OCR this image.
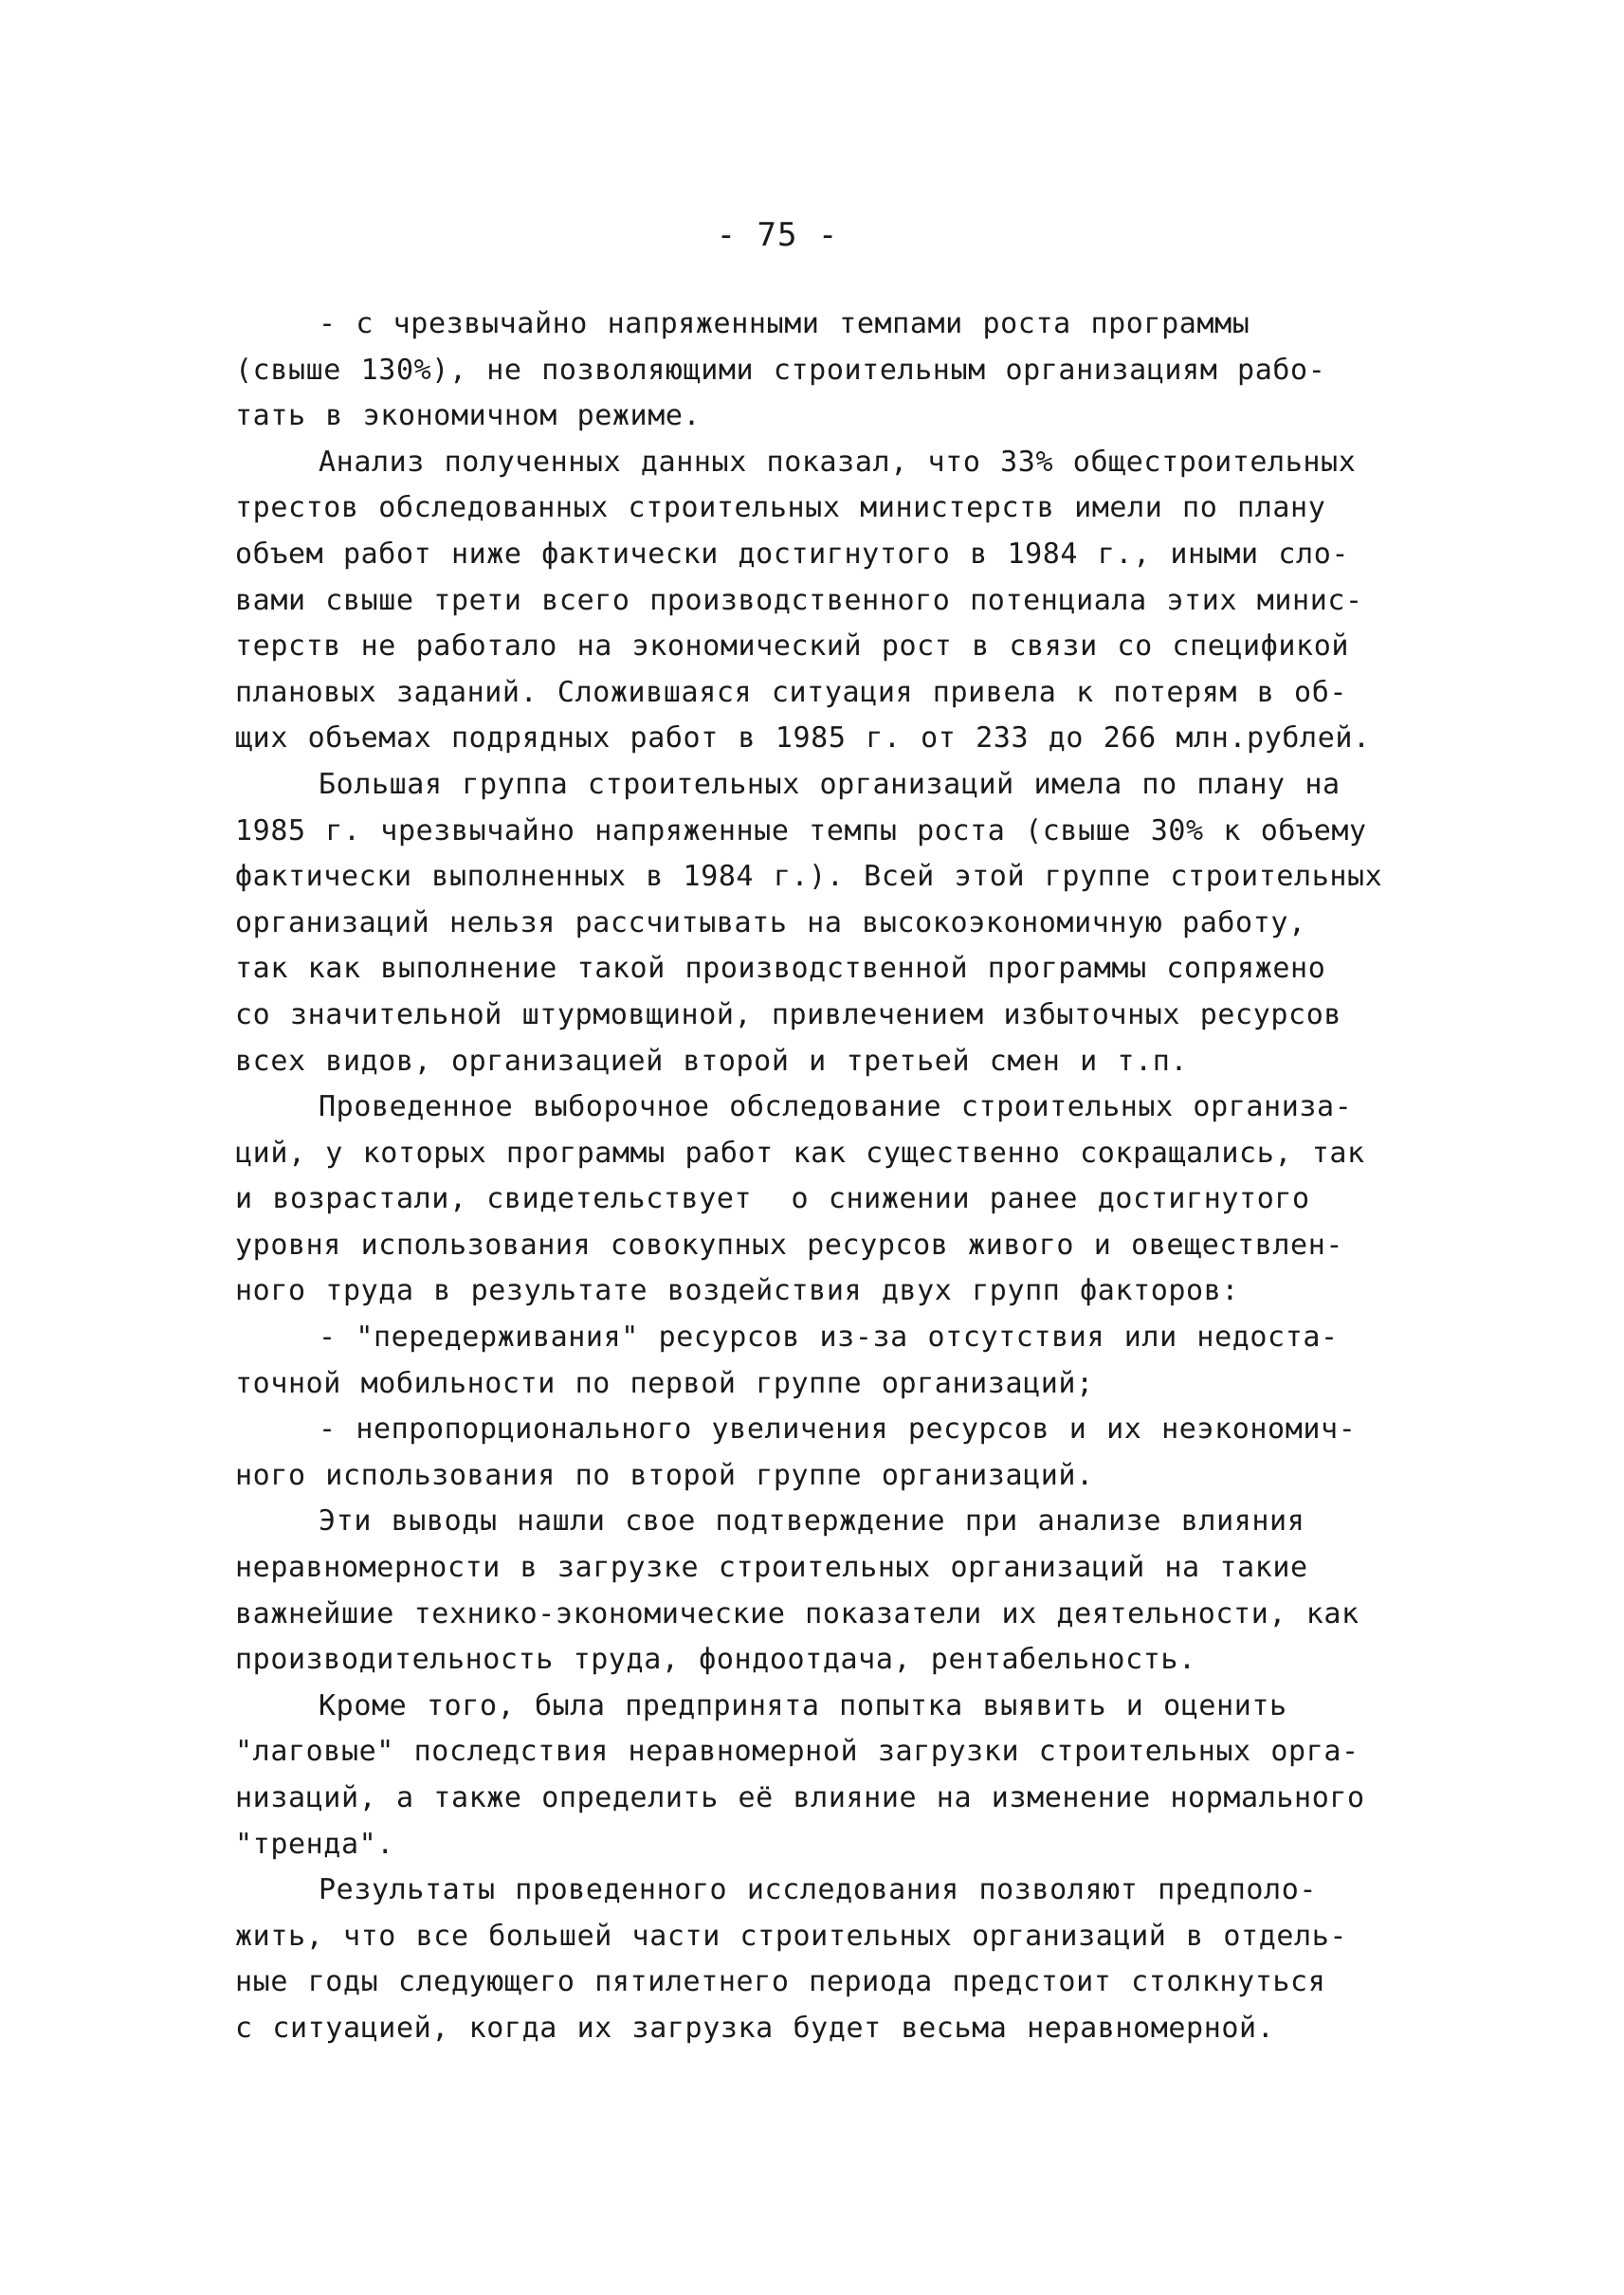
- 75 -
- с чрезвычайно напряженными темпами роста программы
(свыше 130%), не позволяющими строительным организациям рабо-
тать в экономичном режиме.
Анализ полученных данных показал, что 33% общестроительных
трестов обследованных строительных министерств имели по плану
объем работ ниже фактически достигнутого в 1984 г., иными сло-
вами свыше трети всего производственного потенциала этих минис-
терств не работало на экономический рост в связи со спецификой
плановых заданий. Сложившаяся ситуация привела к потерям в об-
щих объемах подрядных работ в 1985 г. от 233 до 266 млн.рублей.
Большая группа строительных организаций имела по плану на
1985 г. чрезвычайно напряженные темпы роста (свыше 30% к объему
фактически выполненных в 1984 г.). Всей этой группе строительных
организаций нельзя рассчитывать на высокоэкономичную работу,
так как выполнение такой производственной программы сопряжено
со значительной штурмовщиной, привлечением избыточных ресурсов
всех видов, организацией второй и третьей смен и т.п.
Проведенное выборочное обследование строительных организа-
ций, у которых программы работ как существенно сокращались, так
и возрастали, свидетельствует  о снижении ранее достигнутого
уровня использования совокупных ресурсов живого и овеществлен-
ного труда в результате воздействия двух групп факторов:
- "передерживания" ресурсов из-за отсутствия или недоста-
точной мобильности по первой группе организаций;
- непропорционального увеличения ресурсов и их неэкономич-
ного использования по второй группе организаций.
Эти выводы нашли свое подтверждение при анализе влияния
неравномерности в загрузке строительных организаций на такие
важнейшие технико-экономические показатели их деятельности, как
производительность труда, фондоотдача, рентабельность.
Кроме того, была предпринята попытка выявить и оценить
"лаговые" последствия неравномерной загрузки строительных орга-
низаций, а также определить её влияние на изменение нормального
"тренда".
Результаты проведенного исследования позволяют предполо-
жить, что все большей части строительных организаций в отдель-
ные годы следующего пятилетнего периода предстоит столкнуться
с ситуацией, когда их загрузка будет весьма неравномерной.
